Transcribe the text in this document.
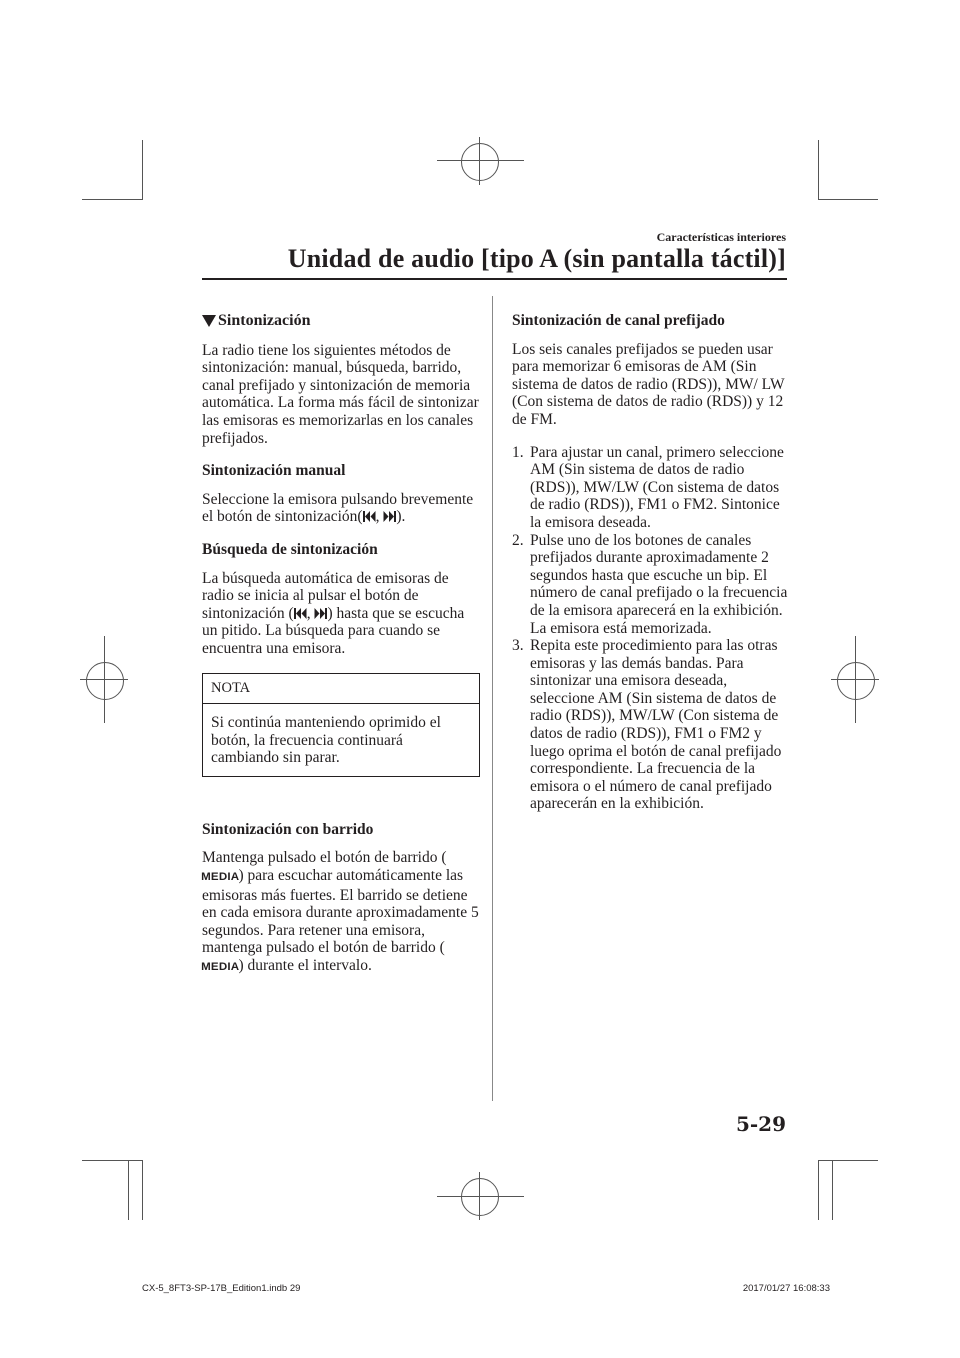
Características interiores
Unidad de audio [tipo A (sin pantalla táctil)]
Sintonización

La radio tiene los siguientes métodos de sintonización: manual, búsqueda, barrido, canal prefijado y sintonización de memoria automática. La forma más fácil de sintonizar las emisoras es memorizarlas en los canales prefijados.

Sintonización manual

Seleccione la emisora pulsando brevemente el botón de sintonización( , ).

Búsqueda de sintonización

La búsqueda automática de emisoras de radio se inicia al pulsar el botón de sintonización ( , ) hasta que se escucha un pitido. La búsqueda para cuando se encuentra una emisora.

NOTA
Si continúa manteniendo oprimido el botón, la frecuencia continuará cambiando sin parar.
Sintonización con barrido

Mantenga pulsado el botón de barrido (MEDIA) para escuchar automáticamente las emisoras más fuertes. El barrido se detiene en cada emisora durante aproximadamente 5 segundos. Para retener una emisora, mantenga pulsado el botón de barrido (MEDIA) durante el intervalo.

Sintonización de canal prefijado

Los seis canales prefijados se pueden usar para memorizar 6 emisoras de AM (Sin sistema de datos de radio (RDS)), MW/ LW (Con sistema de datos de radio (RDS)) y 12 de FM.

1. Para ajustar un canal, primero seleccione AM (Sin sistema de datos de radio (RDS)), MW/LW (Con sistema de datos de radio (RDS)), FM1 o FM2. Sintonice la emisora deseada.
2. Pulse uno de los botones de canales prefijados durante aproximadamente 2 segundos hasta que escuche un bip. El número de canal prefijado o la frecuencia de la emisora aparecerá en la exhibición. La emisora está memorizada.
3. Repita este procedimiento para las otras emisoras y las demás bandas. Para sintonizar una emisora deseada, seleccione AM (Sin sistema de datos de radio (RDS)), MW/LW (Con sistema de datos de radio (RDS)), FM1 o FM2 y luego oprima el botón de canal prefijado correspondiente. La frecuencia de la emisora o el número de canal prefijado aparecerán en la exhibición.
5-29
CX-5_8FT3-SP-17B_Edition1.indb 29	2017/01/27 16:08:33
